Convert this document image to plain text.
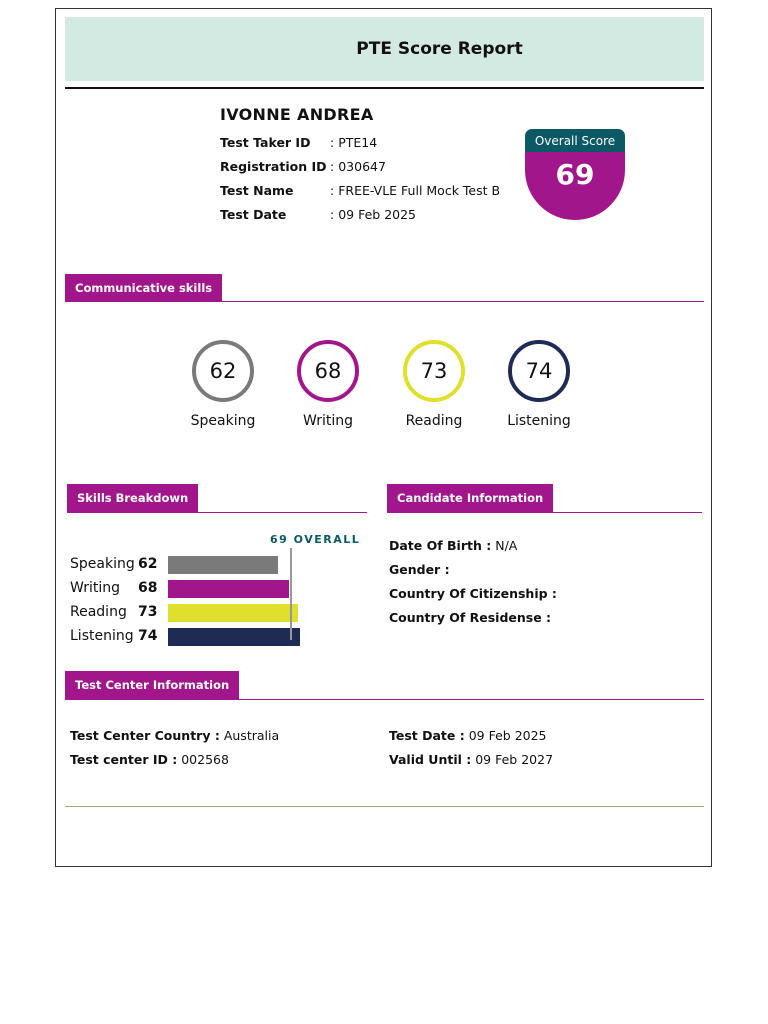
PTE Score Report
IVONNE ANDREA
Test Taker ID : PTE14
Registration ID : 030647
Test Name	: FREE-VLE Full Mock Test B
Test Date	: 09 Feb 2025
Overall Score
69
Communicative skills
62
Speaking
68
Writing
73
Reading
74
Listening
Skills Breakdown
69 OVERALL
Speaking 62
Writing 68
Reading 73
Listening 74
Candidate Information
Date Of Birth : N/A
Gender :
Country Of Citizenship :
Country Of Residense :
Test Center Information
Test Center Country : Australia
Test center ID : 002568
Test Date : 09 Feb 2025
Valid Until : 09 Feb 2027
